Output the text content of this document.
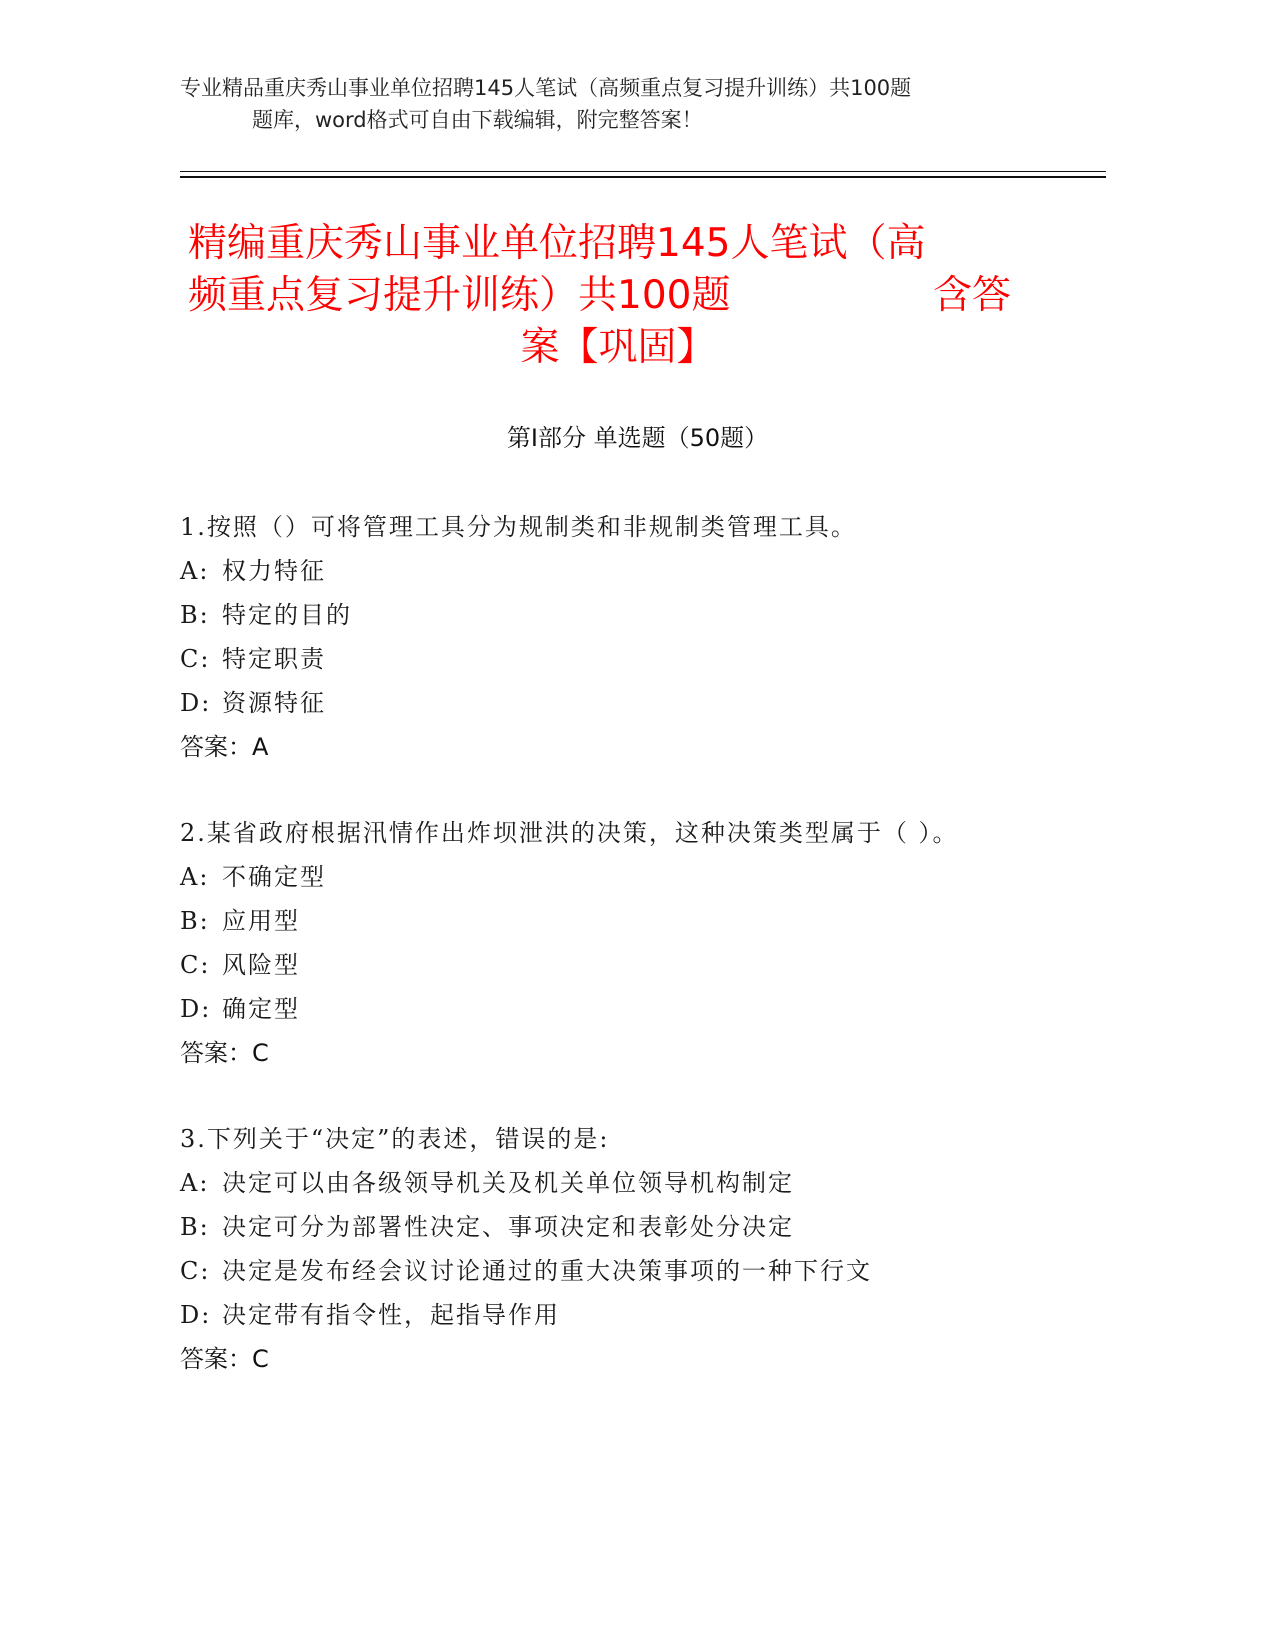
专业精品重庆秀山事业单位招聘145人笔试（高频重点复习提升训练）共100题
题库，word格式可自由下载编辑，附完整答案！
精编重庆秀山事业单位招聘145人笔试（高
频重点复习提升训练）共100题	含答
案【巩固】
第Ⅰ部分 单选题（50题）
1.按照（）可将管理工具分为规制类和非规制类管理工具。
A: 权力特征
B: 特定的目的
C: 特定职责
D: 资源特征
答案：A
2.某省政府根据汛情作出炸坝泄洪的决策，这种决策类型属于（ ）。
A: 不确定型
B: 应用型
C: 风险型
D: 确定型
答案：C
3.下列关于“决定”的表述，错误的是:
A: 决定可以由各级领导机关及机关单位领导机构制定
B: 决定可分为部署性决定、事项决定和表彰处分决定
C: 决定是发布经会议讨论通过的重大决策事项的一种下行文
D: 决定带有指令性，起指导作用
答案：C
